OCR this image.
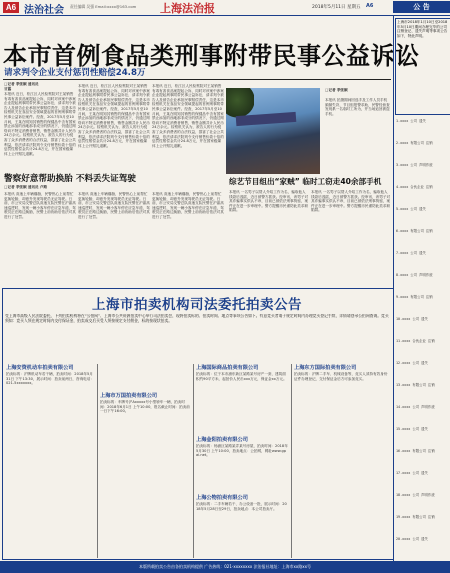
A6 法治社会 责任编辑 吴强 Email:xxxx@163.com 上海法治报	2018年5月11日 星期五 A6	公 告
本市首例食品类刑事附带民事公益诉讼
请求判令企业支付惩罚性赔偿24.8万
□记者 季张颖 通讯员 甘露
本报讯 近日，松江区人民检察院对王某销售有毒有害食品案提起公诉，同时对该案中涉案企业提起刑事附带民事公益诉讼，请求判令被告人及被告企业承担民事赔偿责任，这是本市检察机关在食品安全领域提起的首例刑事附带民事公益诉讼案件。经查，2017年5月至10月间，王某在明知其销售的保健品中含有国家禁止添加的西地那非成分的情况下，仍通过网络向不特定消费者销售，销售金额共计人民币24万余元。检察机关认为，被告人的行为侵害了众多消费者的合法权益，损害了社会公共利益，依法请求法院判令支付销售价款十倍的惩罚性赔偿金共计24.8万元，并在国家级媒体上公开赔礼道歉。
本报讯 近日，松江区人民检察院对王某销售有毒有害食品案提起公诉，同时对该案中涉案企业提起刑事附带民事公益诉讼，请求判令被告人及被告企业承担民事赔偿责任，这是本市检察机关在食品安全领域提起的首例刑事附带民事公益诉讼案件。经查，2017年5月至10月间，王某在明知其销售的保健品中含有国家禁止添加的西地那非成分的情况下，仍通过网络向不特定消费者销售，销售金额共计人民币24万余元。检察机关认为，被告人的行为侵害了众多消费者的合法权益，损害了社会公共利益，依法请求法院判令支付销售价款十倍的惩罚性赔偿金共计24.8万元，并在国家级媒体上公开赔礼道歉。
本报讯 近日，松江区人民检察院对王某销售有毒有害食品案提起公诉，同时对该案中涉案企业提起刑事附带民事公益诉讼，请求判令被告人及被告企业承担民事赔偿责任，这是本市检察机关在食品安全领域提起的首例刑事附带民事公益诉讼案件。经查，2017年5月至10月间，王某在明知其销售的保健品中含有国家禁止添加的西地那非成分的情况下，仍通过网络向不特定消费者销售，销售金额共计人民币24万余元。检察机关认为，被告人的行为侵害了众多消费者的合法权益，损害了社会公共利益，依法请求法院判令支付销售价款十倍的惩罚性赔偿金共计24.8万元，并在国家级媒体上公开赔礼道歉。
□记者 季张颖
本报讯 拍摄期间因选手及工作人员手机频频失窃，节目组报警求助，民警经侦查发现系一名临时工所为，并当场追回被盗手机。
综艺节目组出“家贼” 临时工窃走40余部手机
警察好意帮助换胎 不料丢失证驾驶
□记者 季张颖 通讯员 卢路
本报讯 高速上车辆爆胎，民警热心上前帮忙更换轮胎，却意外发现驾驶员无证驾驶。日前，市公安局交警总队高速支队民警在沪嘉高速巡逻时，发现一辆小客车停在应急车道，驾驶员正在路边换胎，民警上前协助后依法对其进行了处罚。
本报讯 高速上车辆爆胎，民警热心上前帮忙更换轮胎，却意外发现驾驶员无证驾驶。日前，市公安局交警总队高速支队民警在沪嘉高速巡逻时，发现一辆小客车停在应急车道，驾驶员正在路边换胎，民警上前协助后依法对其进行了处罚。
本报讯 高速上车辆爆胎，民警热心上前帮忙更换轮胎，却意外发现驾驶员无证驾驶。日前，市公安局交警总队高速支队民警在沪嘉高速巡逻时，发现一辆小客车停在应急车道，驾驶员正在路边换胎，民警上前协助后依法对其进行了处罚。
本报讯 一名男子以帮人介绍工作为名，骗取他人钱款后逃匿，近日被警方抓获。经审讯，该男子对其诈骗事实供认不讳，目前已被依法刑事拘留，案件正在进一步审理中。警方提醒市民谨防此类求职陷阱。
本报讯 一名男子以帮人介绍工作为名，骗取他人钱款后逃匿，近日被警方抓获。经审讯，该男子对其诈骗事实供认不讳，目前已被依法刑事拘留，案件正在进一步审理中。警方提醒市民谨防此类求职陷阱。
上海市拍卖机构司法委托拍卖公告
受上海市高级人民法院委托，下列拍卖机构将在“公拍网”、上海市公共资源拍卖中心举行司法拍卖会，现将拍卖标的、拍卖时间、地点等事项公告如下。有意竞买者请于规定时间内办理竞买登记手续，详情请登录公拍网查询。竞买须知：竞买人须在规定时间内交付保证金，拍卖成交后买受人须按规定支付佣金，标的按现状拍卖。
上海安资机动车拍卖有限公司
拍卖标的：沪牌机动车若干辆，拍卖时间：2018年5月31日 下午13:30，展示时间：拍卖前两日，咨询电话：021-5xxxxxxx。
上海市万国拍卖有限公司
拍卖标的：车牌号沪Axxxxx号小型轿车一辆，拍卖时间：2018年6月1日 上午10:00，报名截止时间：拍卖前一日下午16:00。
上海国际商品拍卖有限公司
拍卖标的：位于本市浦东新区某路某号房产一套，建筑面积约90平方米，起拍价人民币xxx万元，保证金xx万元。
上海金阳拍卖有限公司
拍卖标的：杨浦区某路某弄某号房屋，拍卖时间：2018年5月30日 上午10:00，拍卖地点：公拍网，网址www.gpai.net。
上海公物拍卖有限公司
拍卖标的：二手车辆若干、办公设备一批，展示时间：2018年5月28日至29日，拍卖地点：本公司拍卖厅。
上海东方国际拍卖有限公司
拍卖标的：沪牌二手车、机械设备等，竞买人须持有效身份证件办理登记，交付保证金后方可参加竞买。
上海市2018年1月10日至2018年5月10日期间办理完毕的公司注销登记、遗失声明等事项公告如下，特此声明。
1.xxxx 公司 遗失
2.xxxx 有限公司 注销
3.xxxx 公司 声明作废
4.xxxx 合伙企业 注销
5.xxxx 公司 遗失
6.xxxx 有限公司 注销
7.xxxx 公司 遗失
8.xxxx 公司 声明作废
9.xxxx 有限公司 注销
10.xxxx 公司 遗失
11.xxxx 合伙企业 注销
12.xxxx 公司 遗失
13.xxxx 有限公司 注销
14.xxxx 公司 声明作废
15.xxxx 公司 遗失
16.xxxx 有限公司 注销
17.xxxx 公司 遗失
18.xxxx 公司 声明作废
19.xxxx 有限公司 注销
20.xxxx 公司 遗失
本版所载拍卖公告由各拍卖机构提供 广告热线：021-xxxxxxxx 法治报社地址：上海市xx路xx号
